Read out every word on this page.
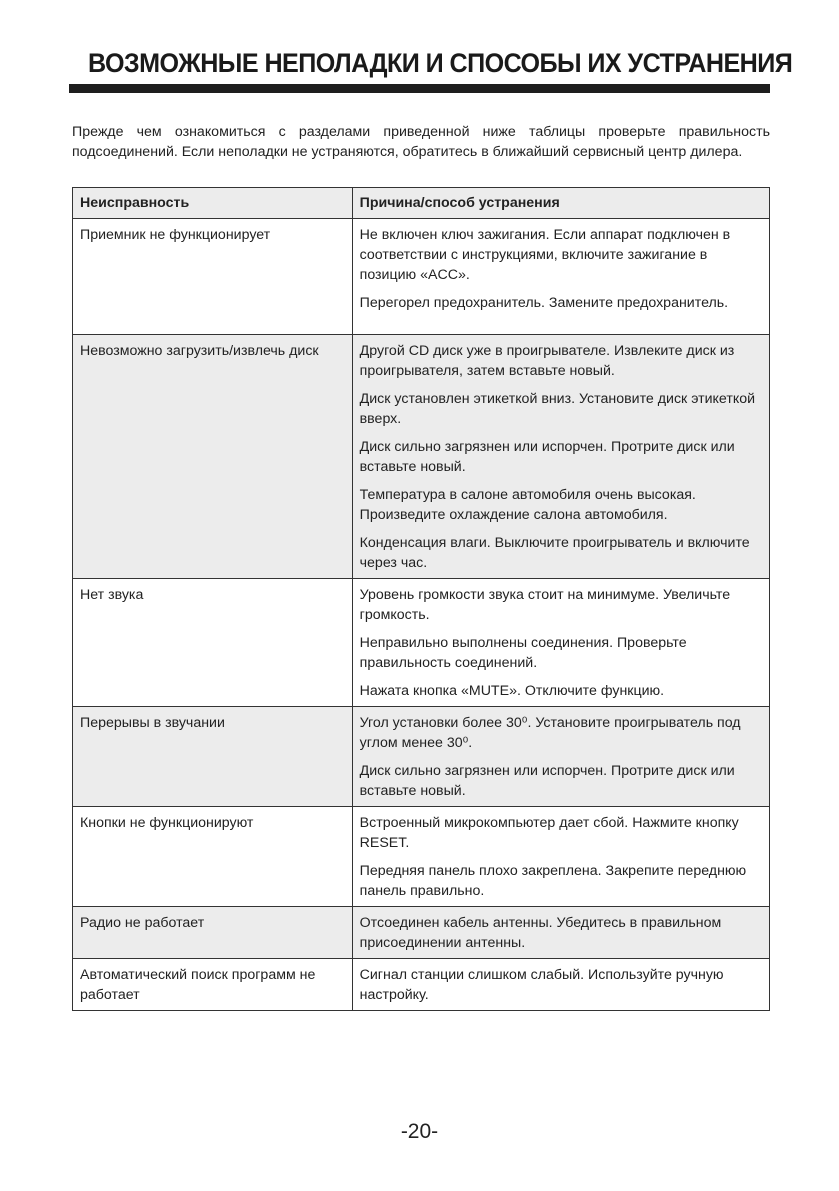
ВОЗМОЖНЫЕ НЕПОЛАДКИ И СПОСОБЫ ИХ УСТРАНЕНИЯ

Прежде чем ознакомиться с разделами приведенной ниже таблицы проверьте правильность подсоединений. Если неполадки не устраняются, обратитесь в ближайший сервисный центр дилера.

Неисправность	Причина/способ устранения
Приемник не функционирует	Не включен ключ зажигания. Если аппарат подключен в соответствии с инструкциями, включите зажигание в позицию «ACC».

Перегорел предохранитель. Замените предохранитель.

Невозможно загрузить/извлечь диск	Другой CD диск уже в проигрывателе. Извлеките диск из проигрывателя, затем вставьте новый.

Диск установлен этикеткой вниз. Установите диск этикеткой вверх.

Диск сильно загрязнен или испорчен. Протрите диск или вставьте новый.

Температура в салоне автомобиля очень высокая. Произведите охлаждение салона автомобиля.

Конденсация влаги. Выключите проигрыватель и включите через час.

Нет звука	Уровень громкости звука стоит на минимуме. Увеличьте громкость.

Неправильно выполнены соединения. Проверьте правильность соединений.

Нажата кнопка «MUTE». Отключите функцию.

Перерывы в звучании	Угол установки более 30⁰. Установите проигрыватель под углом менее 30⁰.

Диск сильно загрязнен или испорчен. Протрите диск или вставьте новый.

Кнопки не функционируют	Встроенный микрокомпьютер дает сбой. Нажмите кнопку RESET.

Передняя панель плохо закреплена. Закрепите переднюю панель правильно.

Радио не работает	Отсоединен кабель антенны. Убедитесь в правильном присоединении антенны.

Автоматический поиск программ не работает	Сигнал станции слишком слабый. Используйте ручную настройку.

-20-
